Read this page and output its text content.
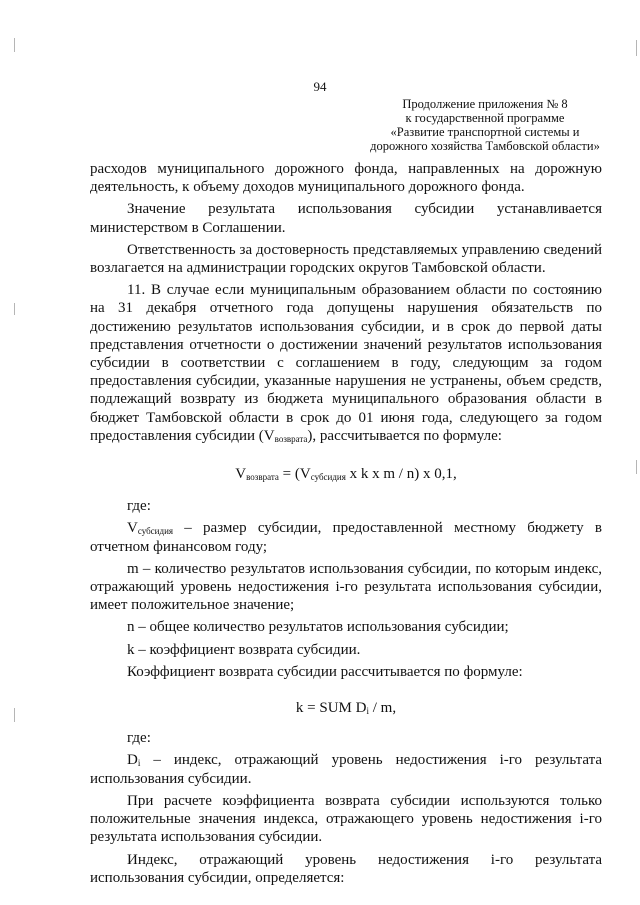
94
Продолжение приложения № 8
к государственной программе
«Развитие транспортной системы и
дорожного хозяйства Тамбовской области»

расходов муниципального дорожного фонда, направленных на дорожную деятельность, к объему доходов муниципального дорожного фонда.

Значение результата использования субсидии устанавливается министерством в Соглашении.

Ответственность за достоверность представляемых управлению сведений возлагается на администрации городских округов Тамбовской области.

11. В случае если муниципальным образованием области по состоянию на 31 декабря отчетного года допущены нарушения обязательств по достижению результатов использования субсидии, и в срок до первой даты представления отчетности о достижении значений результатов использования субсидии в соответствии с соглашением в году, следующим за годом предоставления субсидии, указанные нарушения не устранены, объем средств, подлежащий возврату из бюджета муниципального образования области в бюджет Тамбовской области в срок до 01 июня года, следующего за годом предоставления субсидии $(V_{возврата})$, рассчитывается по формуле:

$V_{возврата} = (V_{субсидия}$ x k x m / n) x 0,1,

где:

$V_{субсидия}$ – размер субсидии, предоставленной местному бюджету в отчетном финансовом году;

m – количество результатов использования субсидии, по которым индекс, отражающий уровень недостижения i-го результата использования субсидии, имеет положительное значение;

n – общее количество результатов использования субсидии;

k – коэффициент возврата субсидии.

Коэффициент возврата субсидии рассчитывается по формуле:

k = SUM $D_i$ / m,

где:

$D_i$ – индекс, отражающий уровень недостижения i-го результата использования субсидии.

При расчете коэффициента возврата субсидии используются только положительные значения индекса, отражающего уровень недостижения i-го результата использования субсидии.

Индекс, отражающий уровень недостижения i-го результата использования субсидии, определяется:
